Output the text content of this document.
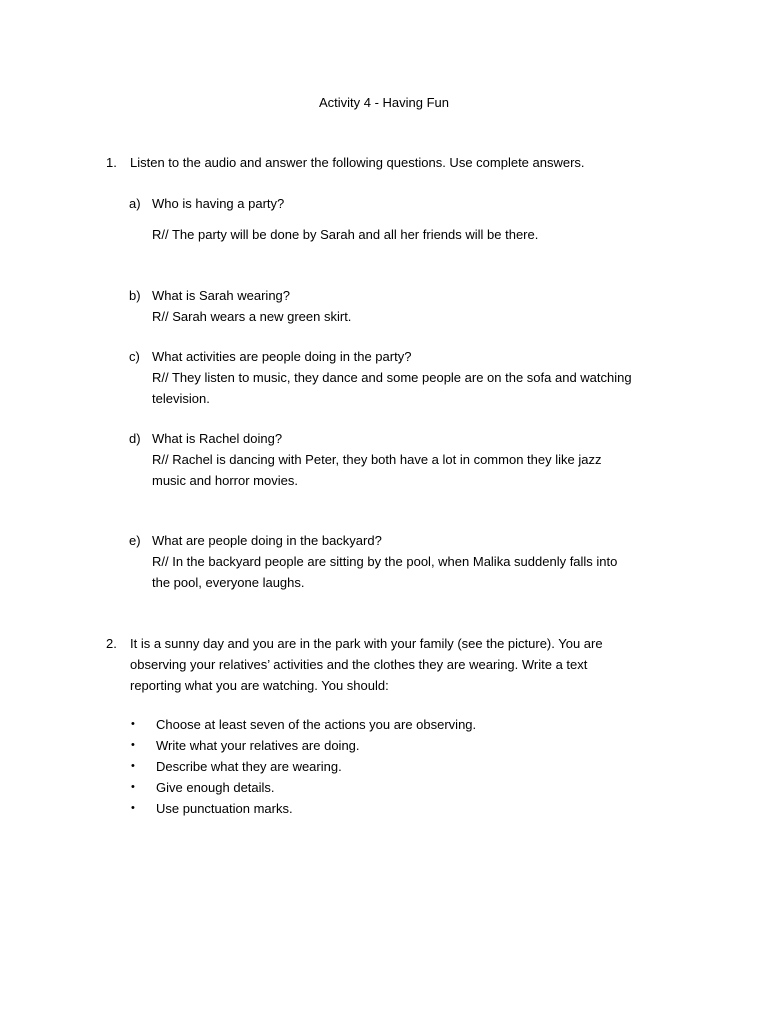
Activity 4 - Having Fun
1. Listen to the audio and answer the following questions. Use complete answers.
a) Who is having a party?
R// The party will be done by Sarah and all her friends will be there.
b) What is Sarah wearing?
R// Sarah wears a new green skirt.
c) What activities are people doing in the party?
R// They listen to music, they dance and some people are on the sofa and watching
television.
d) What is Rachel doing?
R// Rachel is dancing with Peter, they both have a lot in common they like jazz
music and horror movies.
e) What are people doing in the backyard?
R// In the backyard people are sitting by the pool, when Malika suddenly falls into
the pool, everyone laughs.
2. It is a sunny day and you are in the park with your family (see the picture). You are
observing your relatives’ activities and the clothes they are wearing. Write a text
reporting what you are watching. You should:
• Choose at least seven of the actions you are observing.
• Write what your relatives are doing.
• Describe what they are wearing.
• Give enough details.
• Use punctuation marks.
